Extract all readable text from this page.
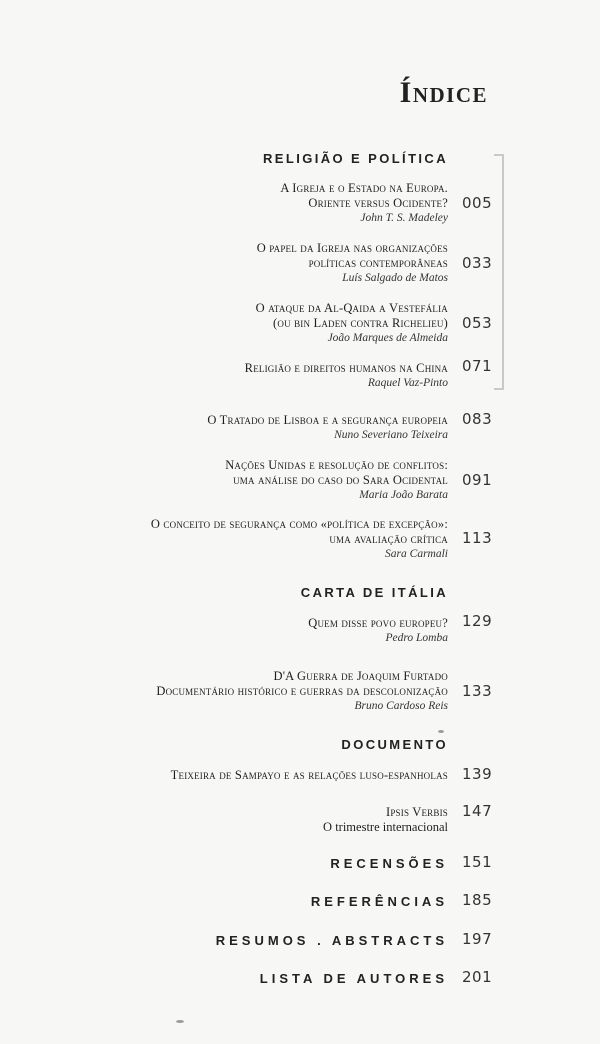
Índice
RELIGIÃO E POLÍTICA
A Igreja e o Estado na Europa.
Oriente versus Ocidente?
John T. S. Madeley
005
O papel da Igreja nas organizações
políticas contemporâneas
Luís Salgado de Matos
033
O ataque da Al-Qaida a Vestefália
(ou bin Laden contra Richelieu)
João Marques de Almeida
053
Religião e direitos humanos na China
Raquel Vaz-Pinto
071
O Tratado de Lisboa e a segurança europeia
Nuno Severiano Teixeira
083
Nações Unidas e resolução de conflitos:
uma análise do caso do Sara Ocidental
Maria João Barata
091
O conceito de segurança como «política de excepção»:
uma avaliação crítica
Sara Carmali
113
CARTA DE ITÁLIA
Quem disse povo europeu?
Pedro Lomba
129
D'A Guerra de Joaquim Furtado
Documentário histórico e guerras da descolonização
Bruno Cardoso Reis
133
DOCUMENTO
Teixeira de Sampayo e as relações luso-espanholas 139
Ipsis Verbis
O trimestre internacional
147
RECENSÕES 151
REFERÊNCIAS 185
RESUMOS . ABSTRACTS 197
LISTA DE AUTORES 201
